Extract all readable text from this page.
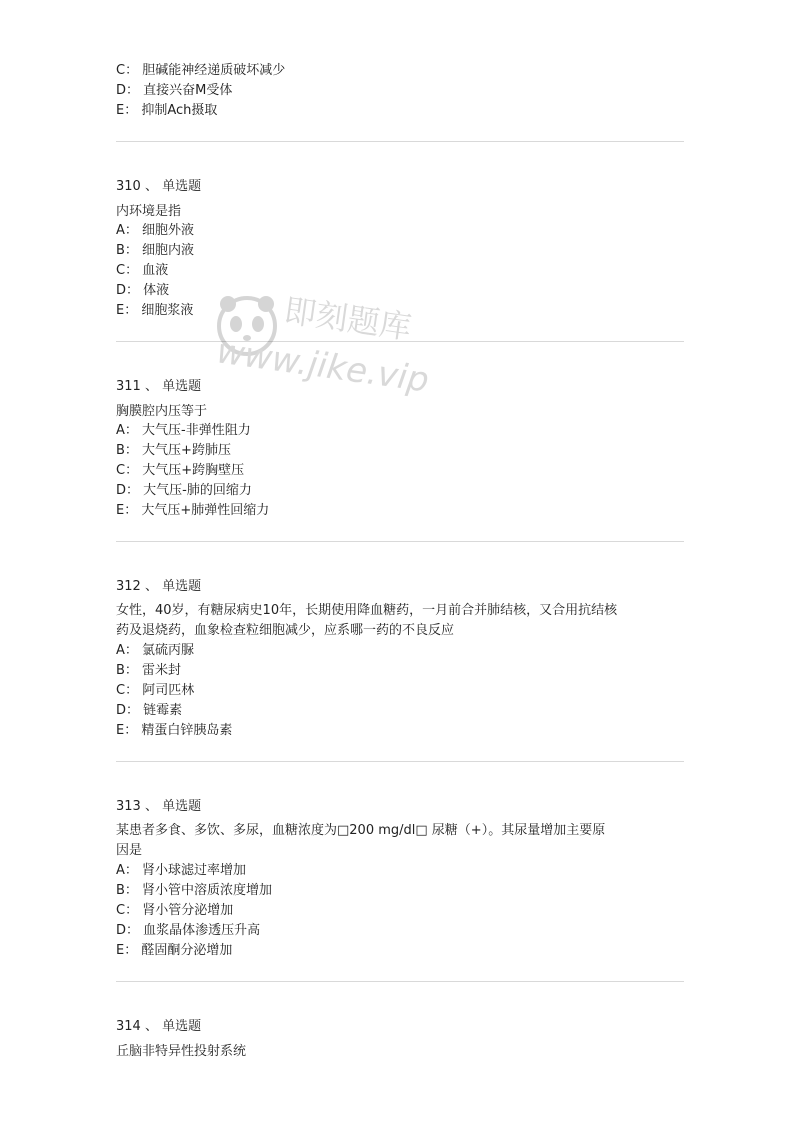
C： 胆碱能神经递质破坏减少
D： 直接兴奋M受体
E： 抑制Ach摄取
310 、 单选题
内环境是指
A： 细胞外液
B： 细胞内液
C： 血液
D： 体液
E： 细胞浆液
311 、 单选题
胸膜腔内压等于
A： 大气压-非弹性阻力
B： 大气压+跨肺压
C： 大气压+跨胸壁压
D： 大气压-肺的回缩力
E： 大气压+肺弹性回缩力
312 、 单选题
女性，40岁，有糖尿病史10年，长期使用降血糖药，一月前合并肺结核，又合用抗结核
药及退烧药，血象检查粒细胞减少，应系哪一药的不良反应
A： 氯硫丙脲
B： 雷米封
C： 阿司匹林
D： 链霉素
E： 精蛋白锌胰岛素
313 、 单选题
某患者多食、多饮、多尿，血糖浓度为□200 mg/dl□ 尿糖（+）。其尿量增加主要原
因是
A： 肾小球滤过率增加
B： 肾小管中溶质浓度增加
C： 肾小管分泌增加
D： 血浆晶体渗透压升高
E： 醛固酮分泌增加
314 、 单选题
丘脑非特异性投射系统
即刻题库
www.jike.vip
